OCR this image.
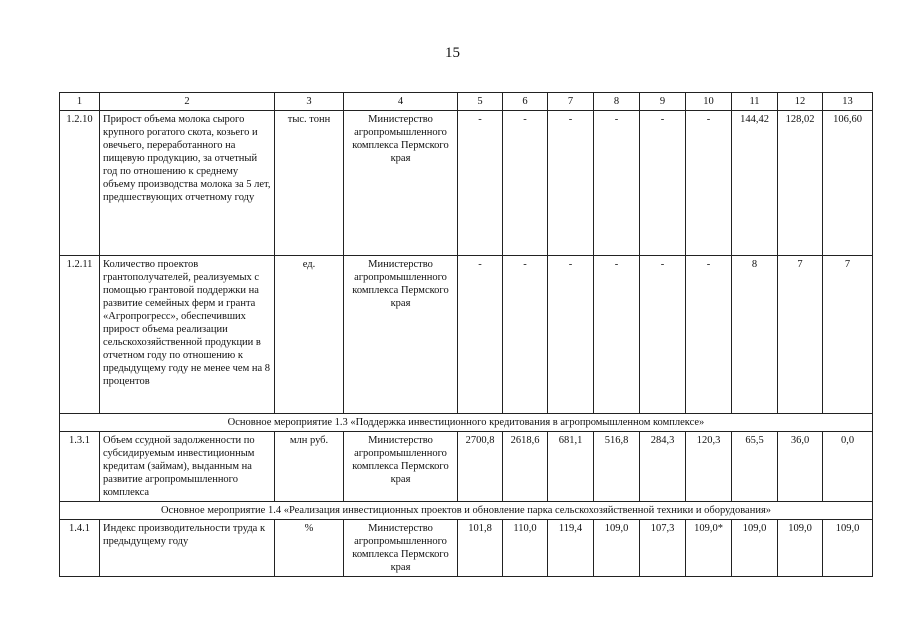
15
1	2	3	4	5	6	7	8	9	10	11	12	13
1.2.10	Прирост объема молока сырого крупного рогатого скота, козьего и овечьего, переработанного на пищевую продукцию, за отчетный год по отношению к среднему объему производства молока за 5 лет, предшествующих отчетному году	тыс. тонн	Министерство агропромышленного комплекса Пермского края	-	-	-	-	-	-	144,42	128,02	106,60
1.2.11	Количество проектов грантополучателей, реализуемых с помощью грантовой поддержки на развитие семейных ферм и гранта «Агропрогресс», обеспечивших прирост объема реализации сельскохозяйственной продукции в отчетном году по отношению к предыдущему году не менее чем на 8 процентов	ед.	Министерство агропромышленного комплекса Пермского края	-	-	-	-	-	-	8	7	7
Основное мероприятие 1.3 «Поддержка инвестиционного кредитования в агропромышленном комплексе»												
1.3.1	Объем ссудной задолженности по субсидируемым инвестиционным кредитам (займам), выданным на развитие агропромышленного комплекса	млн руб.	Министерство агропромышленного комплекса Пермского края	2700,8	2618,6	681,1	516,8	284,3	120,3	65,5	36,0	0,0
Основное мероприятие 1.4 «Реализация инвестиционных проектов и обновление парка сельскохозяйственной техники и оборудования»												
1.4.1	Индекс производительности труда к предыдущему году	%	Министерство агропромышленного комплекса Пермского края	101,8	110,0	119,4	109,0	107,3	109,0*	109,0	109,0	109,0
